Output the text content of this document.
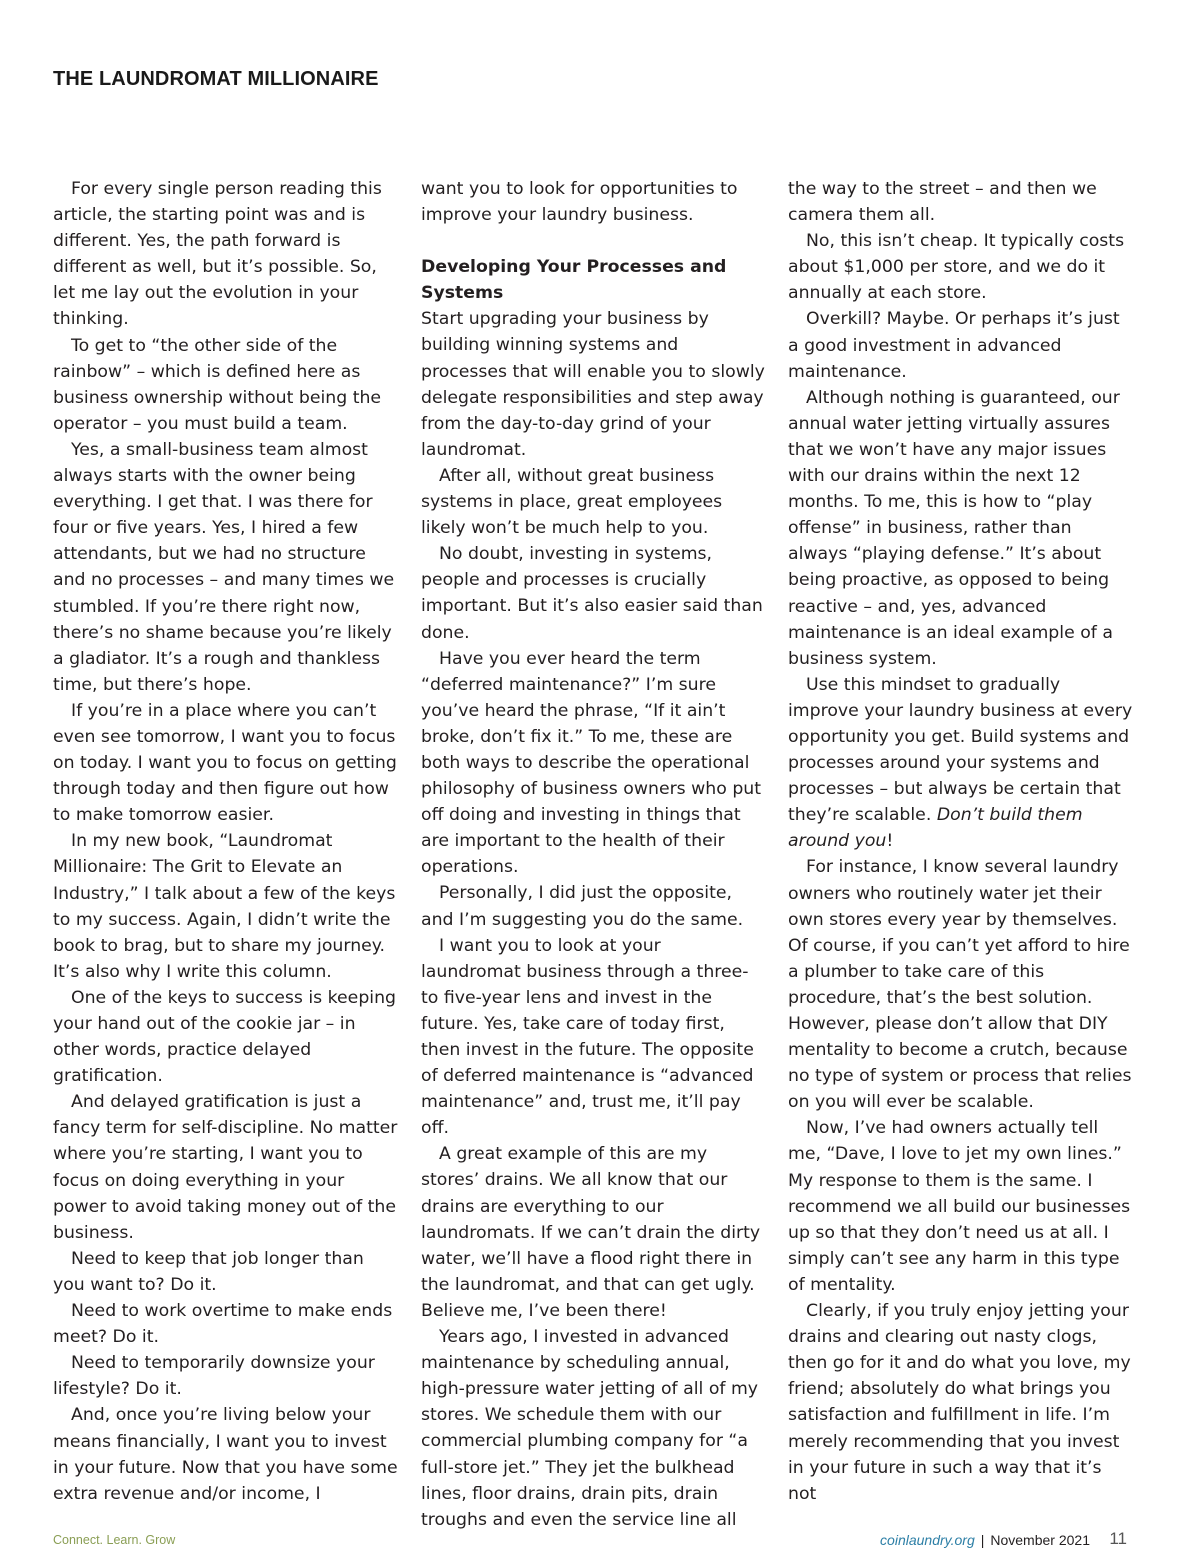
THE LAUNDROMAT MILLIONAIRE

For every single person reading this article, the starting point was and is different. Yes, the path forward is different as well, but it’s possible. So, let me lay out the evolution in your thinking.

To get to “the other side of the rainbow” – which is defined here as business ownership without being the operator – you must build a team.

Yes, a small-business team almost always starts with the owner being everything. I get that. I was there for four or five years. Yes, I hired a few attendants, but we had no structure and no processes – and many times we stumbled. If you’re there right now, there’s no shame because you’re likely a gladiator. It’s a rough and thankless time, but there’s hope.

If you’re in a place where you can’t even see tomorrow, I want you to focus on today. I want you to focus on getting through today and then figure out how to make tomorrow easier.

In my new book, “Laundromat Millionaire: The Grit to Elevate an Industry,” I talk about a few of the keys to my success. Again, I didn’t write the book to brag, but to share my journey. It’s also why I write this column.

One of the keys to success is keeping your hand out of the cookie jar – in other words, practice delayed gratification.

And delayed gratification is just a fancy term for self-discipline. No matter where you’re starting, I want you to focus on doing everything in your power to avoid taking money out of the business.

Need to keep that job longer than you want to? Do it.

Need to work overtime to make ends meet? Do it.

Need to temporarily downsize your lifestyle? Do it.

And, once you’re living below your means financially, I want you to invest in your future. Now that you have some extra revenue and/or income, I

want you to look for opportunities to improve your laundry business.

Developing Your Processes and Systems

Start upgrading your business by building winning systems and processes that will enable you to slowly delegate responsibilities and step away from the day-to-day grind of your laundromat.

After all, without great business systems in place, great employees likely won’t be much help to you.

No doubt, investing in systems, people and processes is crucially important. But it’s also easier said than done.

Have you ever heard the term “deferred maintenance?” I’m sure you’ve heard the phrase, “If it ain’t broke, don’t fix it.” To me, these are both ways to describe the operational philosophy of business owners who put off doing and investing in things that are important to the health of their operations.

Personally, I did just the opposite, and I’m suggesting you do the same.

I want you to look at your laundromat business through a three- to five-year lens and invest in the future. Yes, take care of today first, then invest in the future. The opposite of deferred maintenance is “advanced maintenance” and, trust me, it’ll pay off.

A great example of this are my stores’ drains. We all know that our drains are everything to our laundromats. If we can’t drain the dirty water, we’ll have a flood right there in the laundromat, and that can get ugly. Believe me, I’ve been there!

Years ago, I invested in advanced maintenance by scheduling annual, high-pressure water jetting of all of my stores. We schedule them with our commercial plumbing company for “a full-store jet.” They jet the bulkhead lines, floor drains, drain pits, drain troughs and even the service line all

the way to the street – and then we camera them all.

No, this isn’t cheap. It typically costs about $1,000 per store, and we do it annually at each store.

Overkill? Maybe. Or perhaps it’s just a good investment in advanced maintenance.

Although nothing is guaranteed, our annual water jetting virtually assures that we won’t have any major issues with our drains within the next 12 months. To me, this is how to “play offense” in business, rather than always “playing defense.” It’s about being proactive, as opposed to being reactive – and, yes, advanced maintenance is an ideal example of a business system.

Use this mindset to gradually improve your laundry business at every opportunity you get. Build systems and processes around your systems and processes – but always be certain that they’re scalable. Don’t build them around you!

For instance, I know several laundry owners who routinely water jet their own stores every year by themselves. Of course, if you can’t yet afford to hire a plumber to take care of this procedure, that’s the best solution. However, please don’t allow that DIY mentality to become a crutch, because no type of system or process that relies on you will ever be scalable.

Now, I’ve had owners actually tell me, “Dave, I love to jet my own lines.”

My response to them is the same. I recommend we all build our businesses up so that they don’t need us at all. I simply can’t see any harm in this type of mentality.

Clearly, if you truly enjoy jetting your drains and clearing out nasty clogs, then go for it and do what you love, my friend; absolutely do what brings you satisfaction and fulfillment in life. I’m merely recommending that you invest in your future in such a way that it’s not

Connect. Learn. Grow	coinlaundry.org | November 2021 11
